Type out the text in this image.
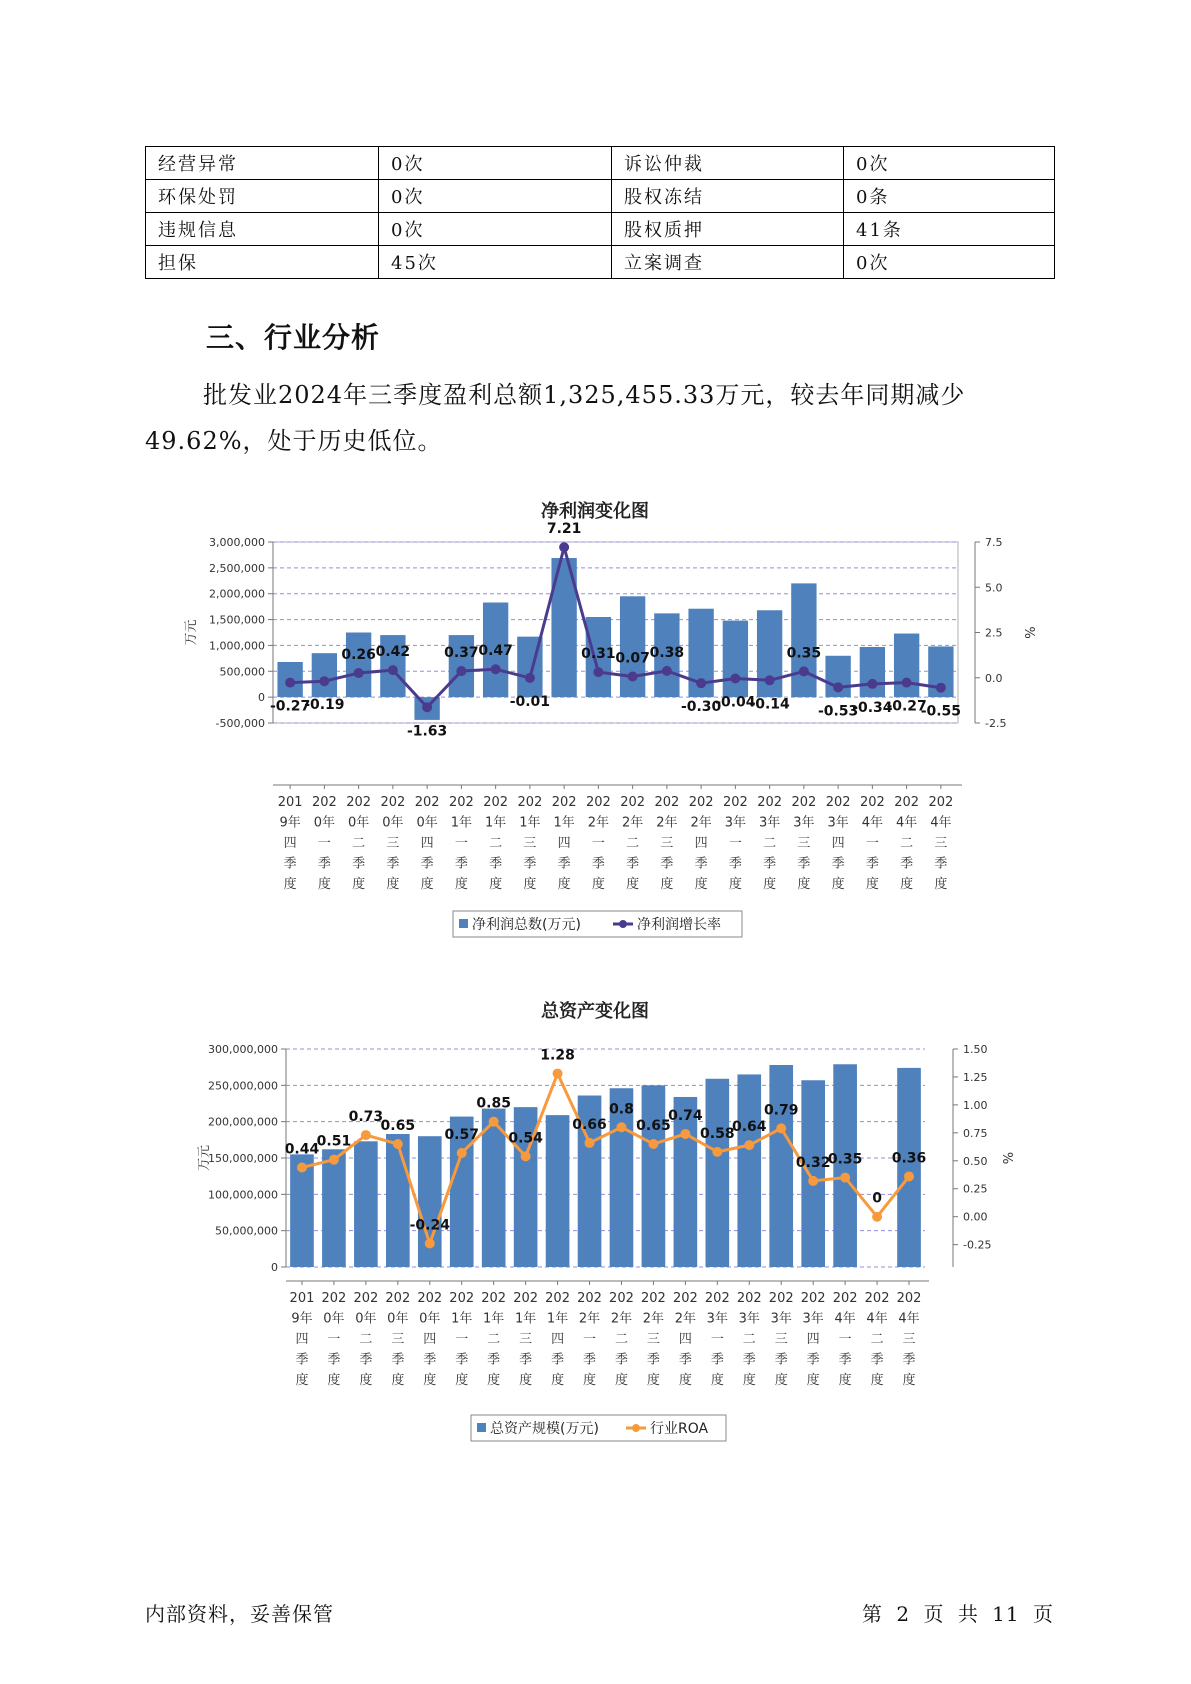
经营异常	0次	诉讼仲裁	0次
环保处罚	0次	股权冻结	0条
违规信息	0次	股权质押	41条
担保	45次	立案调查	0次
三、行业分析

批发业2024年三季度盈利总额1,325,455.33万元，较去年同期减少49.62%，处于历史低位。

净利润变化图
-500,000
0
500,000
1,000,000
1,500,000
2,000,000
2,500,000
3,000,000
万元
-2.5
0.0
2.5
5.0
7.5
%
201 9年四季度
202 0年一季度
202 0年二季度
202 0年三季度
202 0年四季度
202 1年一季度
202 1年二季度
202 1年三季度
202 1年四季度
202 2年一季度
202 2年二季度
202 2年三季度
202 2年四季度
202 3年一季度
202 3年二季度
202 3年三季度
202 3年四季度
202 4年一季度
202 4年二季度
202 4年三季度
-0.27
-0.19
0.26 0.42
-1.63
0.37 0.47
-0.01
7.21
0.31 0.07 0.38
-0.30
-0.04
-0.14
0.35
-0.53
-0.34
-0.27
-0.55
净利润总数(万元)	净利润增长率
总资产变化图
0
50,000,000
100,000,000
150,000,000
200,000,000
250,000,000
300,000,000
万元
-0.25
0.00
0.25
0.50
0.75
1.00
1.25
1.50
%
201 9年四季度
202 0年一季度
202 0年二季度
202 0年三季度
202 0年四季度
202 1年一季度
202 1年二季度
202 1年三季度
202 1年四季度
202 2年一季度
202 2年二季度
202 2年三季度
202 2年四季度
202 3年一季度
202 3年二季度
202 3年三季度
202 3年四季度
202 4年一季度
202 4年二季度
202 4年三季度
0.44
0.51
0.73
0.65
-0.24
0.57
0.85
0.54
1.28
0.66
0.8
0.65
0.74
0.58
0.64
0.79
0.32
0.35
0
0.36
总资产规模(万元)	行业ROA
内部资料，妥善保管	第 2 页 共 11 页
